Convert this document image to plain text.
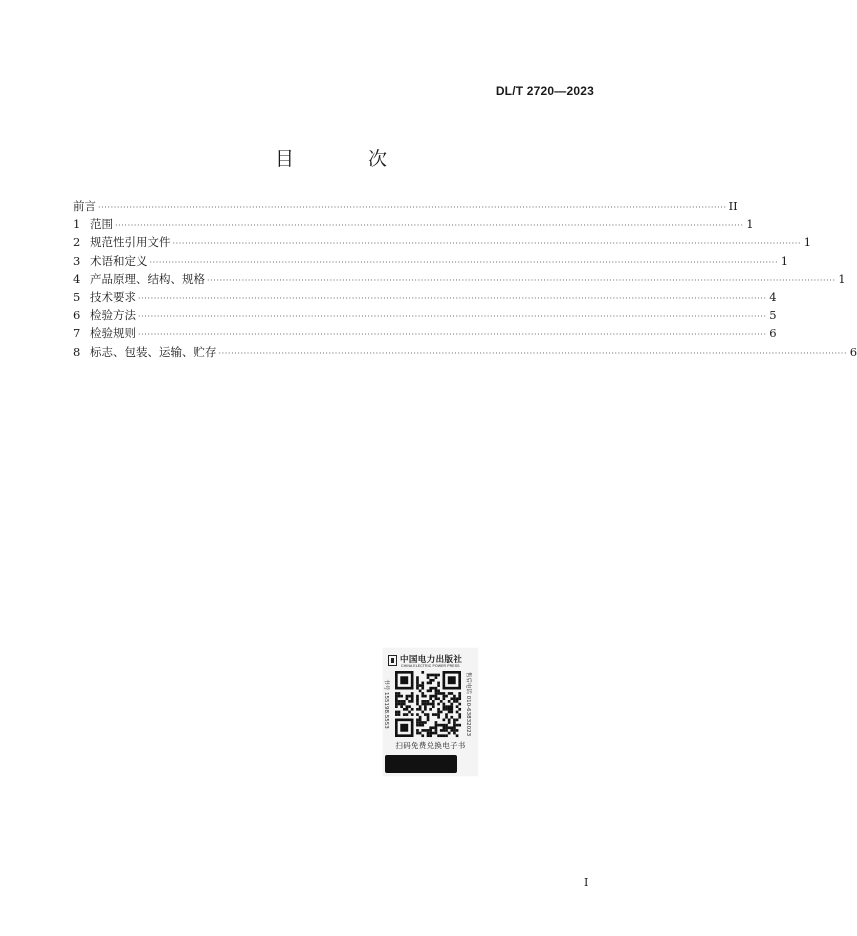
DL/T 2720—2023
目 次
前言 ········································································································································································································ II
1 范围 ········································································································································································································ 1
2 规范性引用文件 ········································································································································································································ 1
3 术语和定义 ········································································································································································································ 1
4 产品原理、结构、规格 ········································································································································································································ 1
5 技术要求 ········································································································································································································ 4
6 检验方法 ········································································································································································································ 5
7 检验规则 ········································································································································································································ 6
8 标志、包装、运输、贮存 ········································································································································································································ 6
中国电力出版社
CHINA ELECTRIC POWER PRESS
书号 155198.5553	售后电话 010-63832023
扫码免费兑换电子书
I
